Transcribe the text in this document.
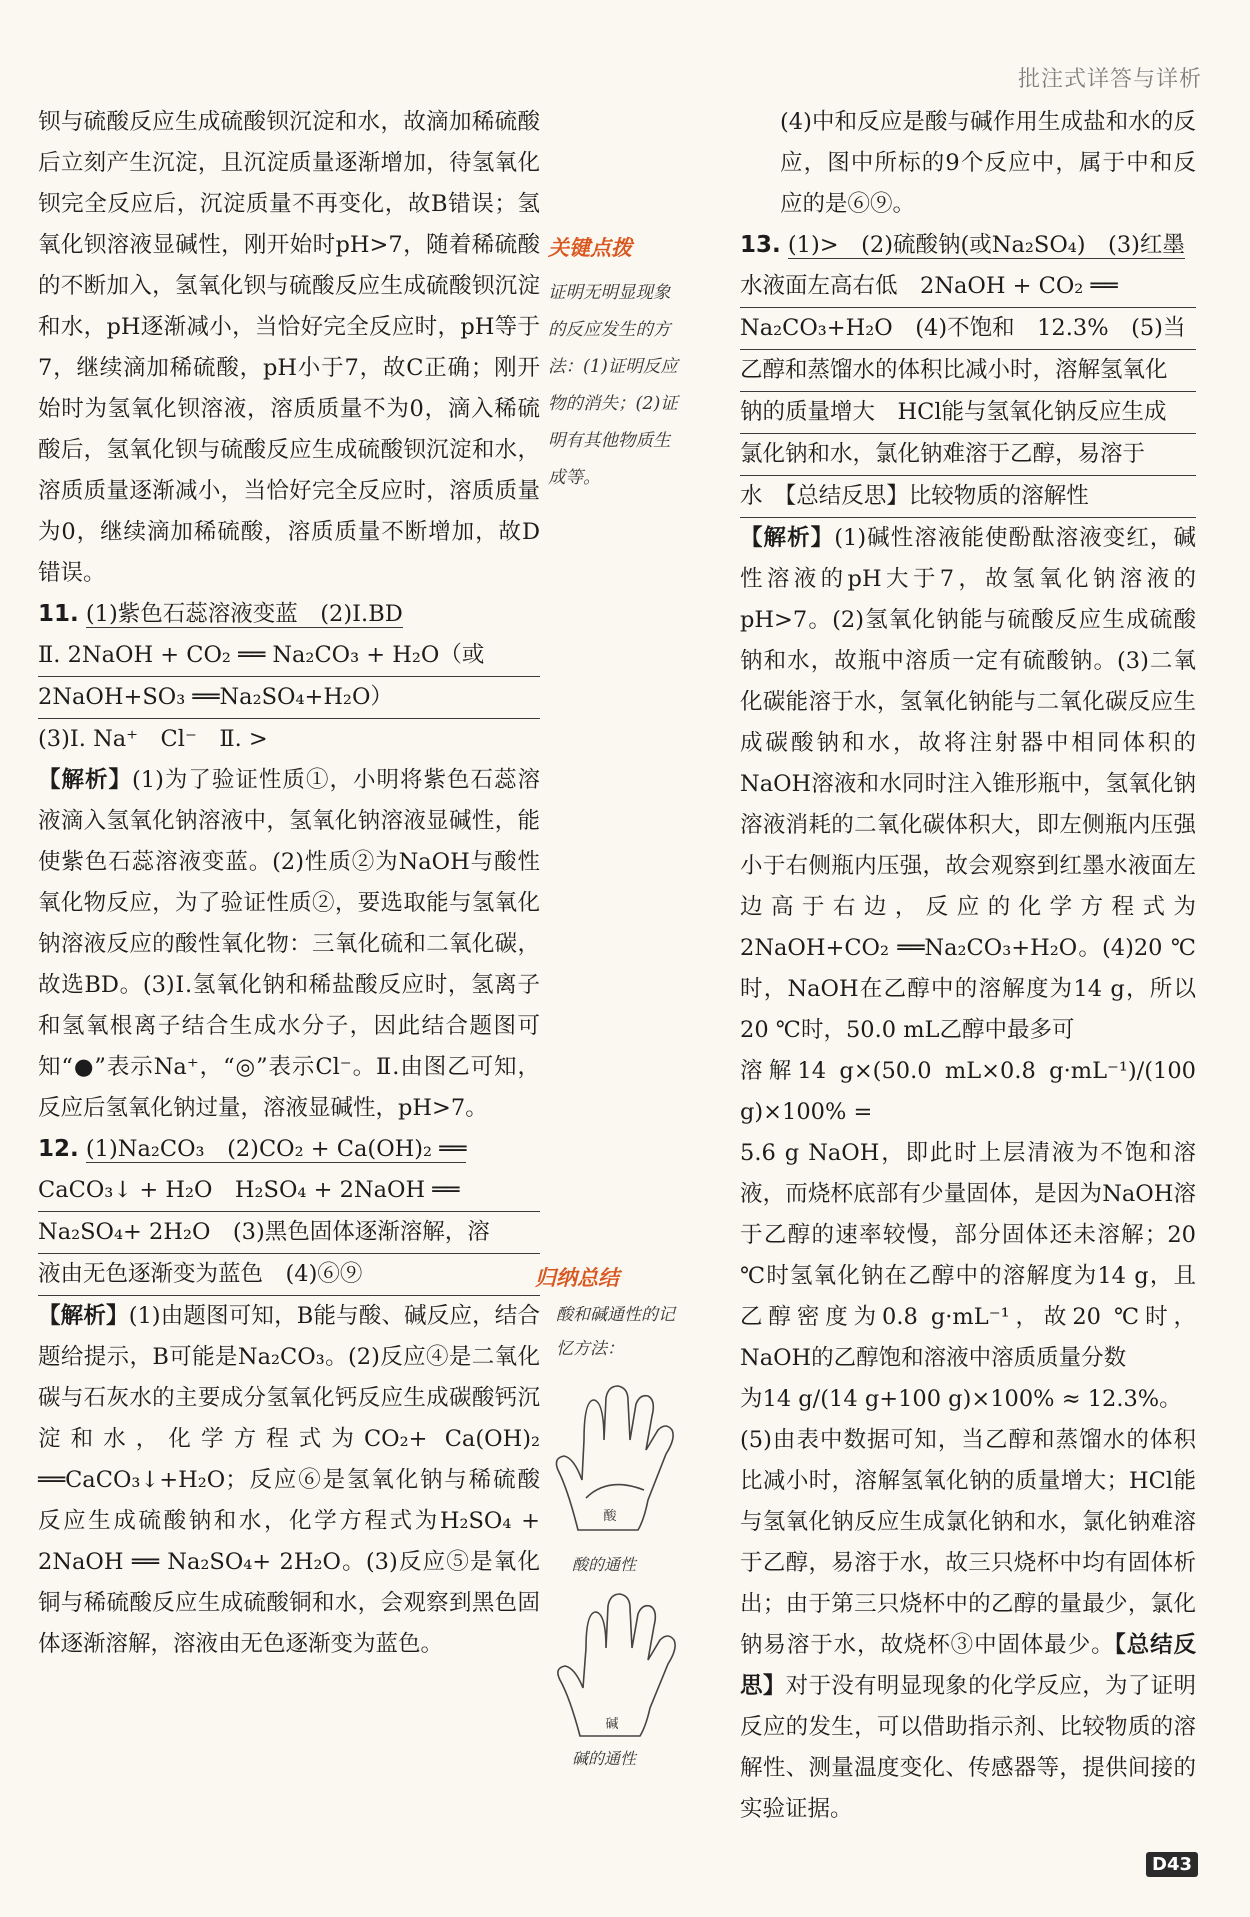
批注式详答与详析

钡与硫酸反应生成硫酸钡沉淀和水，故滴加稀硫酸后立刻产生沉淀，且沉淀质量逐渐增加，待氢氧化钡完全反应后，沉淀质量不再变化，故B错误；氢氧化钡溶液显碱性，刚开始时pH>7，随着稀硫酸的不断加入，氢氧化钡与硫酸反应生成硫酸钡沉淀和水，pH逐渐减小，当恰好完全反应时，pH等于7，继续滴加稀硫酸，pH小于7，故C正确；刚开始时为氢氧化钡溶液，溶质质量不为0，滴入稀硫酸后，氢氧化钡与硫酸反应生成硫酸钡沉淀和水，溶质质量逐渐减小，当恰好完全反应时，溶质质量为0，继续滴加稀硫酸，溶质质量不断增加，故D错误。

11. (1)紫色石蕊溶液变蓝　(2)Ⅰ.BD
Ⅱ. 2NaOH + CO₂ ══ Na₂CO₃ + H₂O（或
2NaOH+SO₃ ══Na₂SO₄+H₂O）
(3)Ⅰ. Na⁺　Cl⁻　Ⅱ. >

【解析】(1)为了验证性质①，小明将紫色石蕊溶液滴入氢氧化钠溶液中，氢氧化钠溶液显碱性，能使紫色石蕊溶液变蓝。(2)性质②为NaOH与酸性氧化物反应，为了验证性质②，要选取能与氢氧化钠溶液反应的酸性氧化物：三氧化硫和二氧化碳，故选BD。(3)Ⅰ.氢氧化钠和稀盐酸反应时，氢离子和氢氧根离子结合生成水分子，因此结合题图可知“●”表示Na⁺，“◎”表示Cl⁻。Ⅱ.由图乙可知，反应后氢氧化钠过量，溶液显碱性，pH>7。

12. (1)Na₂CO₃　(2)CO₂ + Ca(OH)₂ ══
CaCO₃↓ + H₂O　H₂SO₄ + 2NaOH ══
Na₂SO₄+ 2H₂O　(3)黑色固体逐渐溶解，溶
液由无色逐渐变为蓝色　(4)⑥⑨

【解析】(1)由题图可知，B能与酸、碱反应，结合题给提示，B可能是Na₂CO₃。(2)反应④是二氧化碳与石灰水的主要成分氢氧化钙反应生成碳酸钙沉淀和水，化学方程式为CO₂+ Ca(OH)₂ ══CaCO₃↓+H₂O；反应⑥是氢氧化钠与稀硫酸反应生成硫酸钠和水，化学方程式为H₂SO₄ + 2NaOH ══ Na₂SO₄+ 2H₂O。(3)反应⑤是氧化铜与稀硫酸反应生成硫酸铜和水，会观察到黑色固体逐渐溶解，溶液由无色逐渐变为蓝色。

关键点拨

证明无明显现象的反应发生的方法：(1)证明反应物的消失；(2)证明有其他物质生成等。

归纳总结

酸和碱通性的记忆方法：

酸
酸的通性
碱
碱的通性

(4)中和反应是酸与碱作用生成盐和水的反应，图中所标的9个反应中，属于中和反应的是⑥⑨。

13. (1)>　(2)硫酸钠(或Na₂SO₄)　(3)红墨
水液面左高右低　2NaOH + CO₂ ══
Na₂CO₃+H₂O　(4)不饱和　12.3%　(5)当
乙醇和蒸馏水的体积比减小时，溶解氢氧化
钠的质量增大　HCl能与氢氧化钠反应生成
氯化钠和水，氯化钠难溶于乙醇，易溶于
水　【总结反思】比较物质的溶解性

【解析】(1)碱性溶液能使酚酞溶液变红，碱性溶液的pH大于7，故氢氧化钠溶液的pH>7。(2)氢氧化钠能与硫酸反应生成硫酸钠和水，故瓶中溶质一定有硫酸钠。(3)二氧化碳能溶于水，氢氧化钠能与二氧化碳反应生成碳酸钠和水，故将注射器中相同体积的NaOH溶液和水同时注入锥形瓶中，氢氧化钠溶液消耗的二氧化碳体积大，即左侧瓶内压强小于右侧瓶内压强，故会观察到红墨水液面左边高于右边，反应的化学方程式为2NaOH+CO₂ ══Na₂CO₃+H₂O。(4)20 ℃时，NaOH在乙醇中的溶解度为14 g，所以20 ℃时，50.0 mL乙醇中最多可

溶解14 g×(50.0 mL×0.8 g·mL⁻¹)/(100 g)×100% =

5.6 g NaOH，即此时上层清液为不饱和溶液，而烧杯底部有少量固体，是因为NaOH溶于乙醇的速率较慢，部分固体还未溶解；20 ℃时氢氧化钠在乙醇中的溶解度为14 g，且乙醇密度为0.8 g·mL⁻¹，故20 ℃时，NaOH的乙醇饱和溶液中溶质质量分数

为14 g/(14 g+100 g)×100% ≈ 12.3%。

(5)由表中数据可知，当乙醇和蒸馏水的体积比减小时，溶解氢氧化钠的质量增大；HCl能与氢氧化钠反应生成氯化钠和水，氯化钠难溶于乙醇，易溶于水，故三只烧杯中均有固体析出；由于第三只烧杯中的乙醇的量最少，氯化钠易溶于水，故烧杯③中固体最少。【总结反思】对于没有明显现象的化学反应，为了证明反应的发生，可以借助指示剂、比较物质的溶解性、测量温度变化、传感器等，提供间接的实验证据。

D43
